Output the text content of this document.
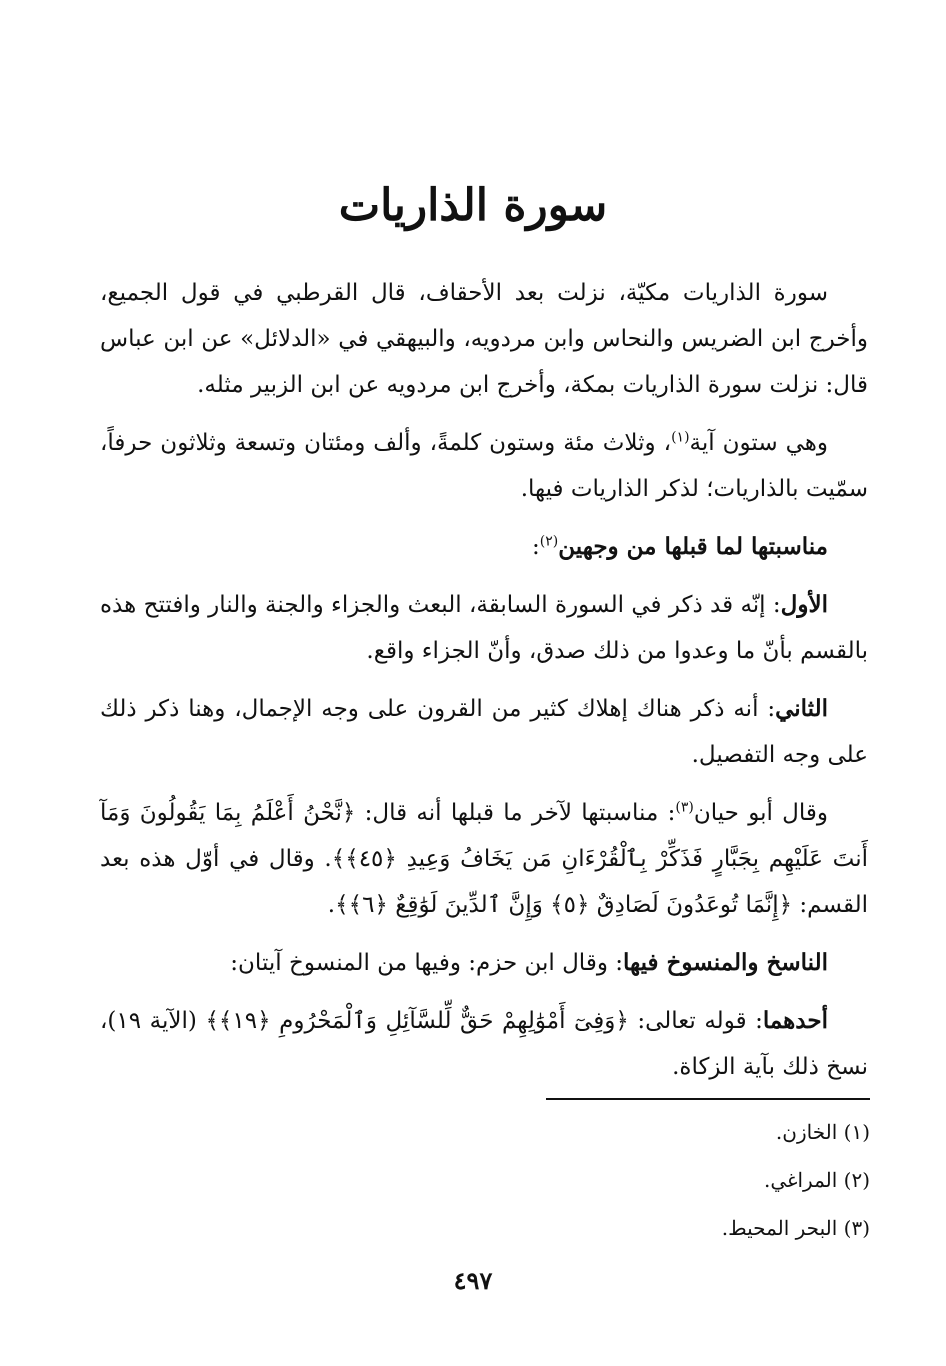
سورة الذاريات

سورة الذاريات مكيّة، نزلت بعد الأحقاف، قال القرطبي في قول الجميع، وأخرج ابن الضريس والنحاس وابن مردويه، والبيهقي في «الدلائل» عن ابن عباس قال: نزلت سورة الذاريات بمكة، وأخرج ابن مردويه عن ابن الزبير مثله.

وهي ستون آية$^{(١)}$، وثلاث مئة وستون كلمةً، وألف ومئتان وتسعة وثلاثون حرفاً، سمّيت بالذاريات؛ لذكر الذاريات فيها.

مناسبتها لما قبلها من وجهين$^{(٢)}$:

الأول: إنّه قد ذكر في السورة السابقة، البعث والجزاء والجنة والنار وافتتح هذه بالقسم بأنّ ما وعدوا من ذلك صدق، وأنّ الجزاء واقع.

الثاني: أنه ذكر هناك إهلاك كثير من القرون على وجه الإجمال، وهنا ذكر ذلك على وجه التفصيل.

وقال أبو حيان$^{(٣)}$: مناسبتها لآخر ما قبلها أنه قال: ﴿نَّحْنُ أَعْلَمُ بِمَا يَقُولُونَ وَمَآ أَنتَ عَلَيْهِم بِجَبَّارٍ فَذَكِّرْ بِٱلْقُرْءَانِ مَن يَخَافُ وَعِيدِ ﴿٤٥﴾﴾. وقال في أوّل هذه بعد القسم: ﴿إِنَّمَا تُوعَدُونَ لَصَادِقٌ ﴿٥﴾ وَإِنَّ ٱلدِّينَ لَوَٰقِعٌ ﴿٦﴾﴾.

الناسخ والمنسوخ فيها: وقال ابن حزم: وفيها من المنسوخ آيتان:

أحدهما: قوله تعالى: ﴿وَفِىٓ أَمْوَٰلِهِمْ حَقٌّ لِّلسَّآئِلِ وَٱلْمَحْرُومِ ﴿١٩﴾﴾ (الآية ١٩)، نسخ ذلك بآية الزكاة.

(١) الخازن.
(٢) المراغي.
(٣) البحر المحيط.
٤٩٧
